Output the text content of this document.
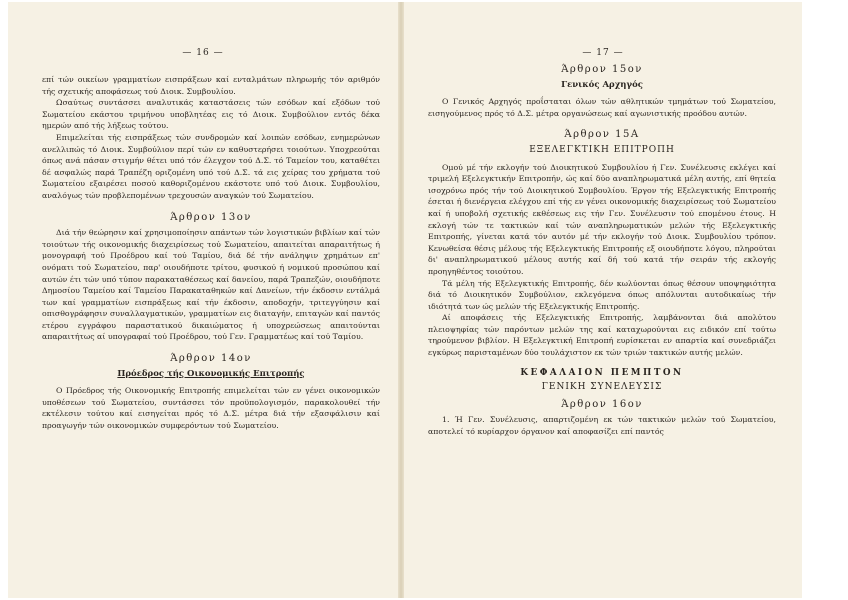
— 16 —

επί τών οικείων γραμματίων εισπράξεων καί ενταλμάτων πληρωμής τόν αριθμόν τής σχετικής αποφάσεως τού Διοικ. Συμβουλίου.

Ωσαύτως συντάσσει αναλυτικάς καταστάσεις τών εσόδων καί εξόδων τού Σωματείου εκάστου τριμήνου υποβλητέας εις τό Διοικ. Συμβούλιον εντός δέκα ημερών από τής λήξεως τούτου.

Επιμελείται τής εισπράξεως τών συνδρομών καί λοιπών εσόδων, ενημερώνων ανελλιπώς τό Διοικ. Συμβούλιον περί τών εν καθυστερήσει τοιούτων. Υποχρεούται όπως ανά πάσαν στιγμήν θέτει υπό τόν έλεγχον τού Δ.Σ. τό Ταμείον του, καταθέτει δέ ασφαλώς παρά Τραπέζη οριζομένη υπό τού Δ.Σ. τά εις χείρας του χρήματα τού Σωματείου εξαιρέσει ποσού καθοριζομένου εκάστοτε υπό τού Διοικ. Συμβουλίου, αναλόγως τών προβλεπομένων τρεχουσών αναγκών τού Σωματείου.

Άρθρον 13ον

Διά τήν θεώρησιν καί χρησιμοποίησιν απάντων τών λογιστικών βιβλίων καί τών τοιούτων τής οικονομικής διαχειρίσεως τού Σωματείου, απαιτείται απαραιτήτως ή μονογραφή τού Προέδρου καί τού Ταμίου, διά δέ τήν ανάληψιν χρημάτων επ' ονόματι τού Σωματείου, παρ' οιουδήποτε τρίτου, φυσικού ή νομικού προσώπου καί αυτών έτι τών υπό τύπον παρακαταθέσεως καί δανείου, παρά Τραπεζών, οιουδήποτε Δημοσίου Ταμείου καί Ταμείου Παρακαταθηκών καί Δανείων, τήν έκδοσιν εντάλμά των καί γραμματίων εισπράξεως καί τήν έκδοσιν, αποδοχήν, τριτεγγύησιν καί οπισθογράφησιν συναλλαγματικών, γραμματίων εις διαταγήν, επιταγών καί παντός ετέρου εγγράφου παραστατικού δικαιώματος ή υποχρεώσεως απαιτούνται απαραιτήτως αί υπογραφαί τού Προέδρου, τού Γεν. Γραμματέως καί τού Ταμίου.

Άρθρον 14ον
Πρόεδρος τής Οικονομικής Επιτροπής

Ο Πρόεδρος τής Οικονομικής Επιτροπής επιμελείται τών εν γένει οικονομικών υποθέσεων τού Σωματείου, συντάσσει τόν προϋπολογισμόν, παρακολουθεί τήν εκτέλεσιν τούτου καί εισηγείται πρός τό Δ.Σ. μέτρα διά τήν εξασφάλισιν καί προαγωγήν τών οικονομικών συμφερόντων τού Σωματείου.

— 17 —
Άρθρον 15ον
Γενικός Αρχηγός

Ο Γενικός Αρχηγός προΐσταται όλων τών αθλητικών τμημάτων τού Σωματείου, εισηγούμενος πρός τό Δ.Σ. μέτρα οργανώσεως καί αγωνιστικής προόδου αυτών.

Άρθρον 15Α
ΕΞΕΛΕΓΚΤΙΚΗ ΕΠΙΤΡΟΠΗ

Ομού μέ τήν εκλογήν τού Διοικητικού Συμβουλίου ή Γεν. Συνέλευσις εκλέγει καί τριμελή Εξελεγκτικήν Επιτροπήν, ώς καί δύο αναπληρωματικά μέλη αυτής, επί θητεία ισοχρόνω πρός τήν τού Διοικητικού Συμβουλίου. Έργον τής Εξελεγκτικής Επιτροπής έσεται ή διενέργεια ελέγχου επί τής εν γένει οικονομικής διαχειρίσεως τού Σωματείου καί ή υποβολή σχετικής εκθέσεως εις τήν Γεν. Συνέλευσιν τού επομένου έτους. Η εκλογή τών τε τακτικών καί τών αναπληρωματικών μελών τής Εξελεγκτικής Επιτροπής, γίνεται κατά τόν αυτόν μέ τήν εκλογήν τού Διοικ. Συμβουλίου τρόπον. Κενωθείσα θέσις μέλους τής Εξελεγκτικής Επιτροπής εξ οιουδήποτε λόγου, πληρούται δι' αναπληρωματικού μέλους αυτής καί δή τού κατά τήν σειράν τής εκλογής προηγηθέντος τοιούτου.

Τά μέλη τής Εξελεγκτικής Επιτροπής, δέν κωλύονται όπως θέσουν υποψηφιότητα διά τό Διοικητικόν Συμβούλιον, εκλεγόμενα όπως απόλυνται αυτοδικαίως τήν ιδιότητά των ώς μελών τής Εξελεγκτικής Επιτροπής.

Αί αποφάσεις τής Εξελεγκτικής Επιτροπής, λαμβάνονται διά απολύτου πλειοψηφίας τών παρόντων μελών της καί καταχωρούνται εις ειδικόν επί τούτω τηρούμενον βιβλίον. Η Εξελεγκτική Επιτροπή ευρίσκεται εν απαρτία καί συνεδριάζει εγκύρως παρισταμένων δύο τουλάχιστον εκ τών τριών τακτικών αυτής μελών.

ΚΕΦΑΛΑΙΟΝ ΠΕΜΠΤΟΝ
ΓΕΝΙΚΗ ΣΥΝΕΛΕΥΣΙΣ
Άρθρον 16ον

1. Ή Γεν. Συνέλευσις, απαρτιζομένη εκ τών τακτικών μελών τού Σωματείου, αποτελεί τό κυρίαρχον όργανον καί αποφασίζει επί παντός
